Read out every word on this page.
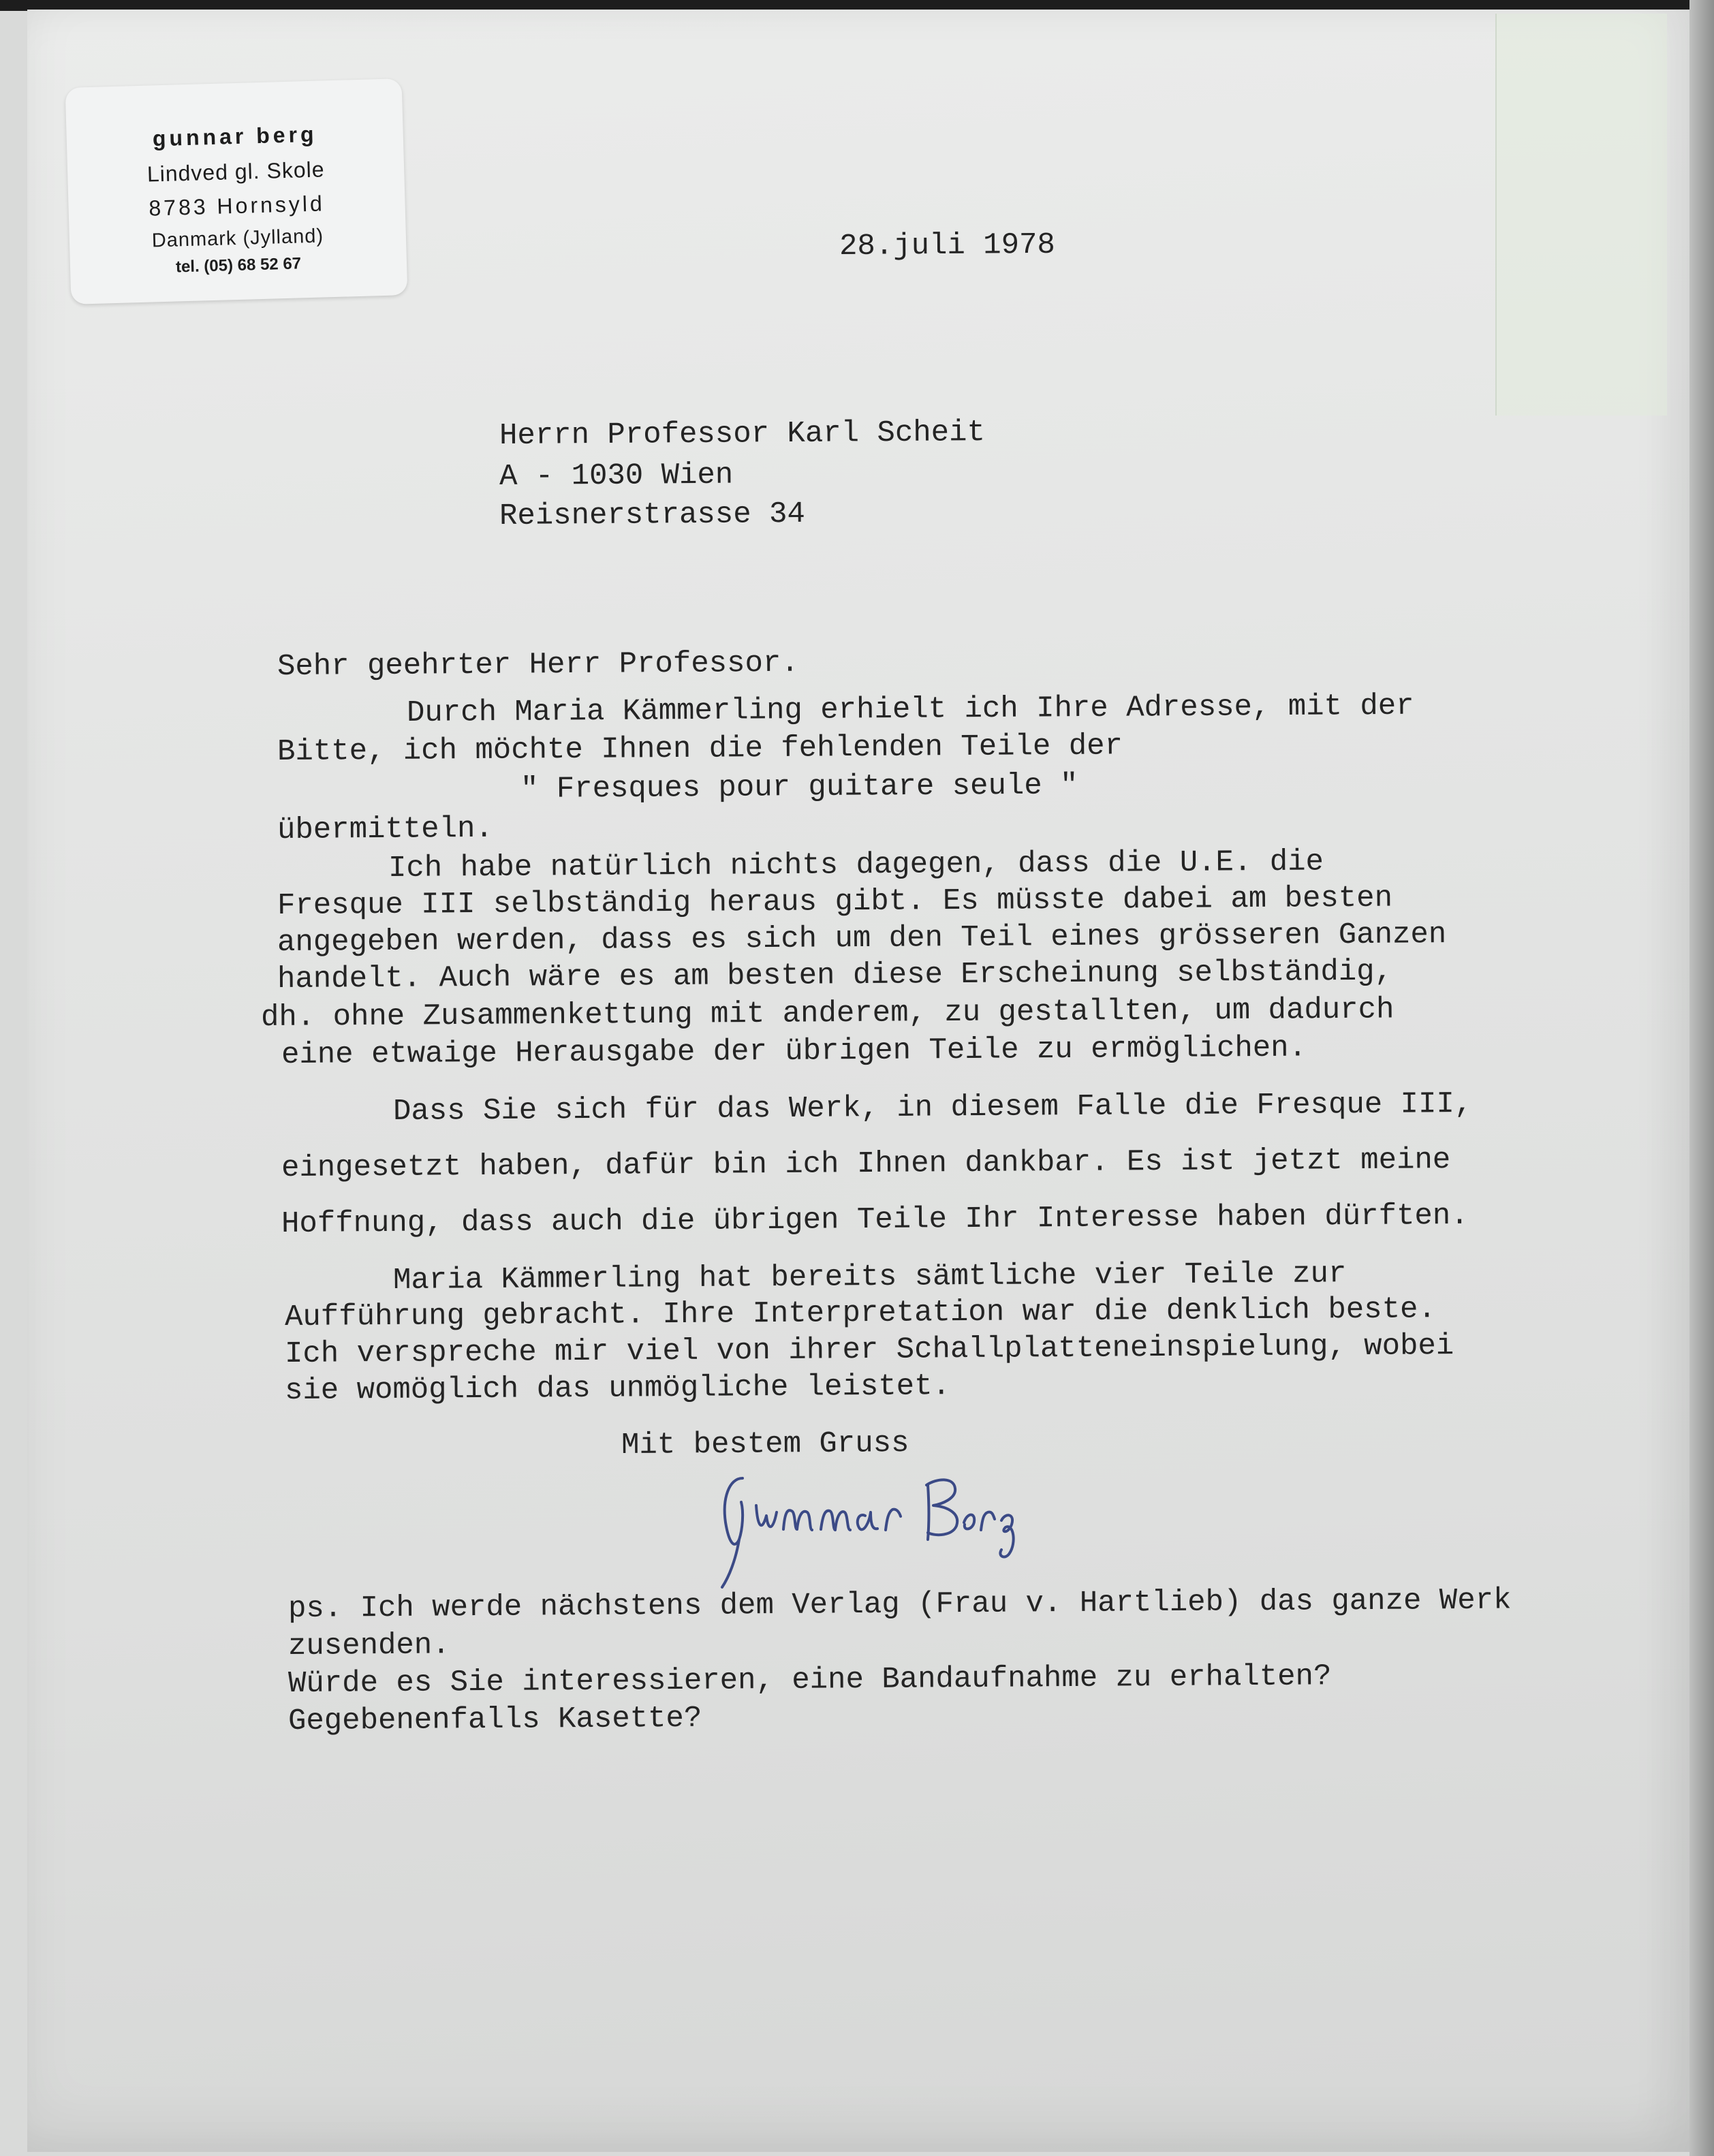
gunnar berg
Lindved gl. Skole
8783 Hornsyld
Danmark (Jylland)
tel. (05) 68 52 67
28.juli 1978
Herrn Professor Karl Scheit
A - 1030 Wien
Reisnerstrasse 34
Sehr geehrter Herr Professor.
Durch Maria Kämmerling erhielt ich Ihre Adresse, mit der
Bitte, ich möchte Ihnen die fehlenden Teile der
" Fresques pour guitare seule "
übermitteln.
Ich habe natürlich nichts dagegen, dass die U.E. die
Fresque III selbständig heraus gibt. Es müsste dabei am besten
angegeben werden, dass es sich um den Teil eines grösseren Ganzen
handelt. Auch wäre es am besten diese Erscheinung selbständig,
dh. ohne Zusammenkettung mit anderem, zu gestallten, um dadurch
eine etwaige Herausgabe der übrigen Teile zu ermöglichen.
Dass Sie sich für das Werk, in diesem Falle die Fresque III,
eingesetzt haben, dafür bin ich Ihnen dankbar. Es ist jetzt meine
Hoffnung, dass auch die übrigen Teile Ihr Interesse haben dürften.
Maria Kämmerling hat bereits sämtliche vier Teile zur
Aufführung gebracht. Ihre Interpretation war die denklich beste.
Ich verspreche mir viel von ihrer Schallplatteneinspielung, wobei
sie womöglich das unmögliche leistet.
Mit bestem Gruss
ps. Ich werde nächstens dem Verlag (Frau v. Hartlieb) das ganze Werk
zusenden.
Würde es Sie interessieren, eine Bandaufnahme zu erhalten?
Gegebenenfalls Kasette?
